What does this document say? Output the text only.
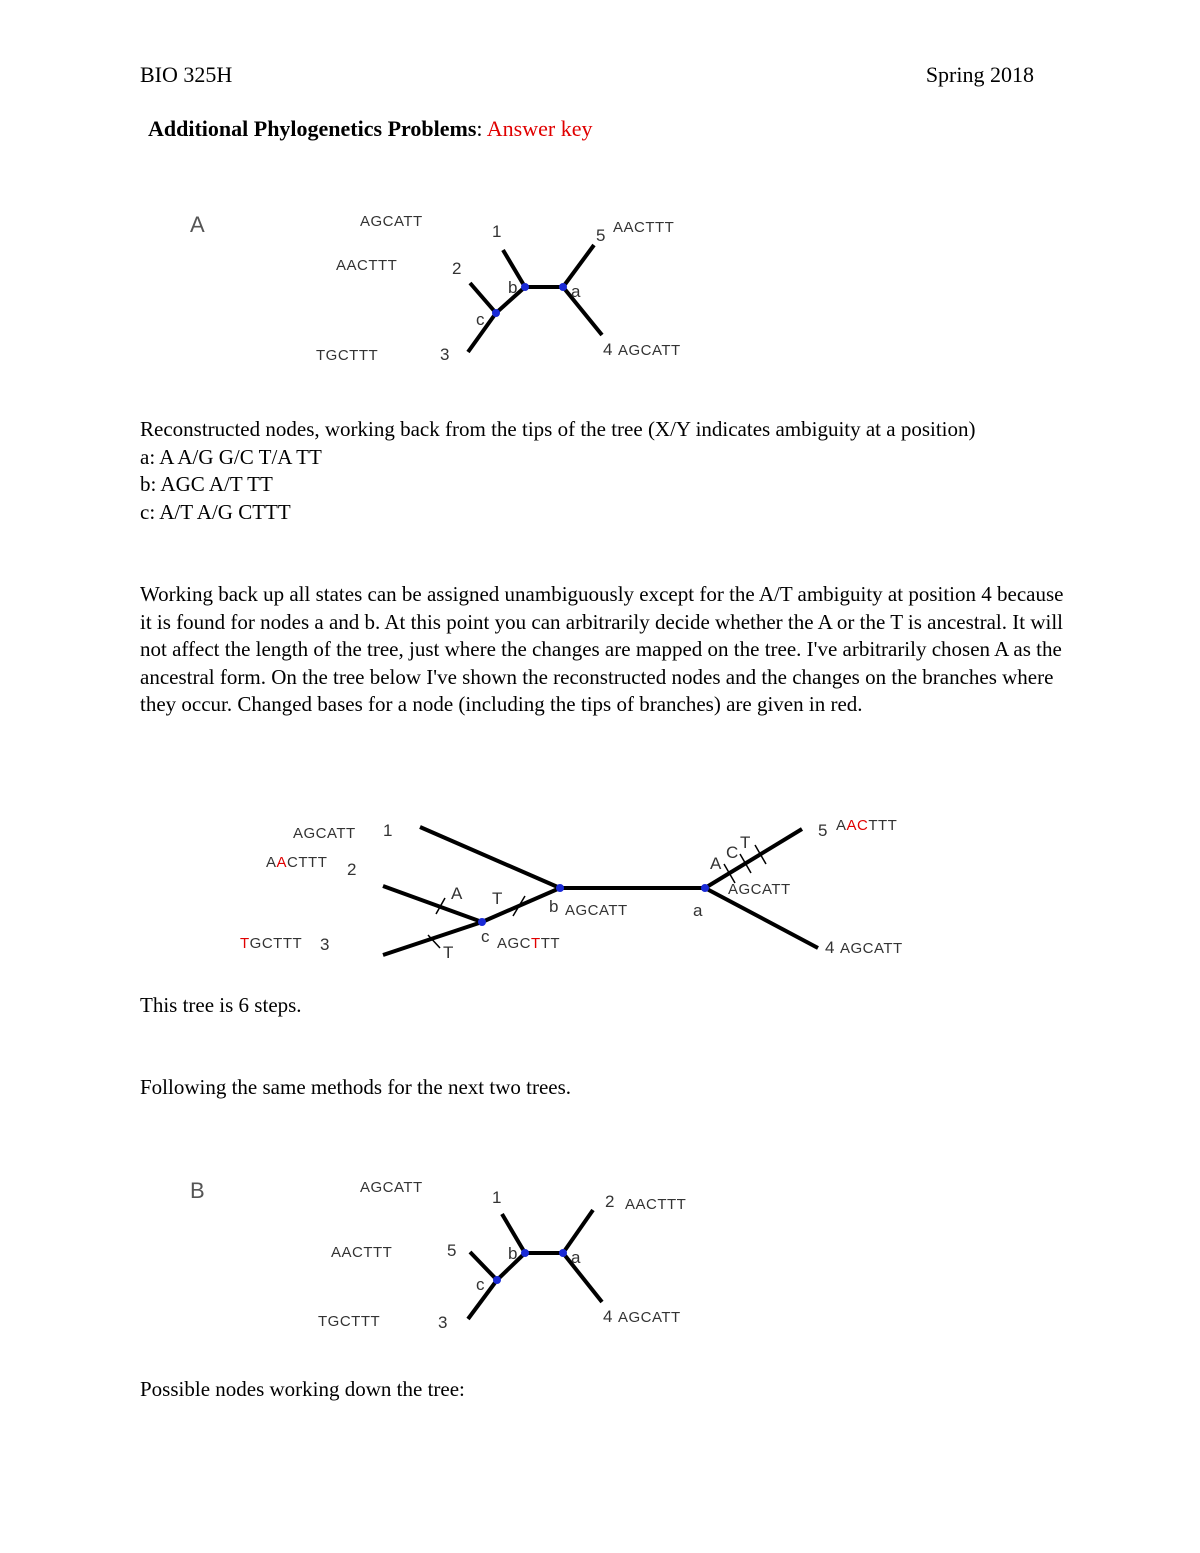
BIO 325H	Spring 2018
Additional Phylogenetics Problems: Answer key
A	AGCATT
AACTTT
TGCTTT
AACTTT
AGCATT
1
2
3
5
4
b	a
c

Reconstructed nodes, working back from the tips of the tree (X/Y indicates ambiguity at a position)

a: A A/G G/C T/A TT

b: AGC A/T TT

c: A/T A/G CTTT

Working back up all states can be assigned unambiguously except for the A/T ambiguity at position 4 because it is found for nodes a and b. At this point you can arbitrarily decide whether the A or the T is ancestral. It will not affect the length of the tree, just where the changes are mapped on the tree. I've arbitrarily chosen A as the ancestral form. On the tree below I've shown the reconstructed nodes and the changes on the branches where they occur. Changed bases for a node (including the tips of branches) are given in red.

AGCATT 1
AACTTT 2
TGCTTT 3
5 AACTTT
4 AGCATT
b AGCATT
c AGCTTT
a
AGCATT
A T
T
T
C
A
This tree is 6 steps.
Following the same methods for the next two trees.
B	AGCATT
AACTTT
TGCTTT
AACTTT
AGCATT
1
5
3
2
4
b	a
c
Possible nodes working down the tree:
